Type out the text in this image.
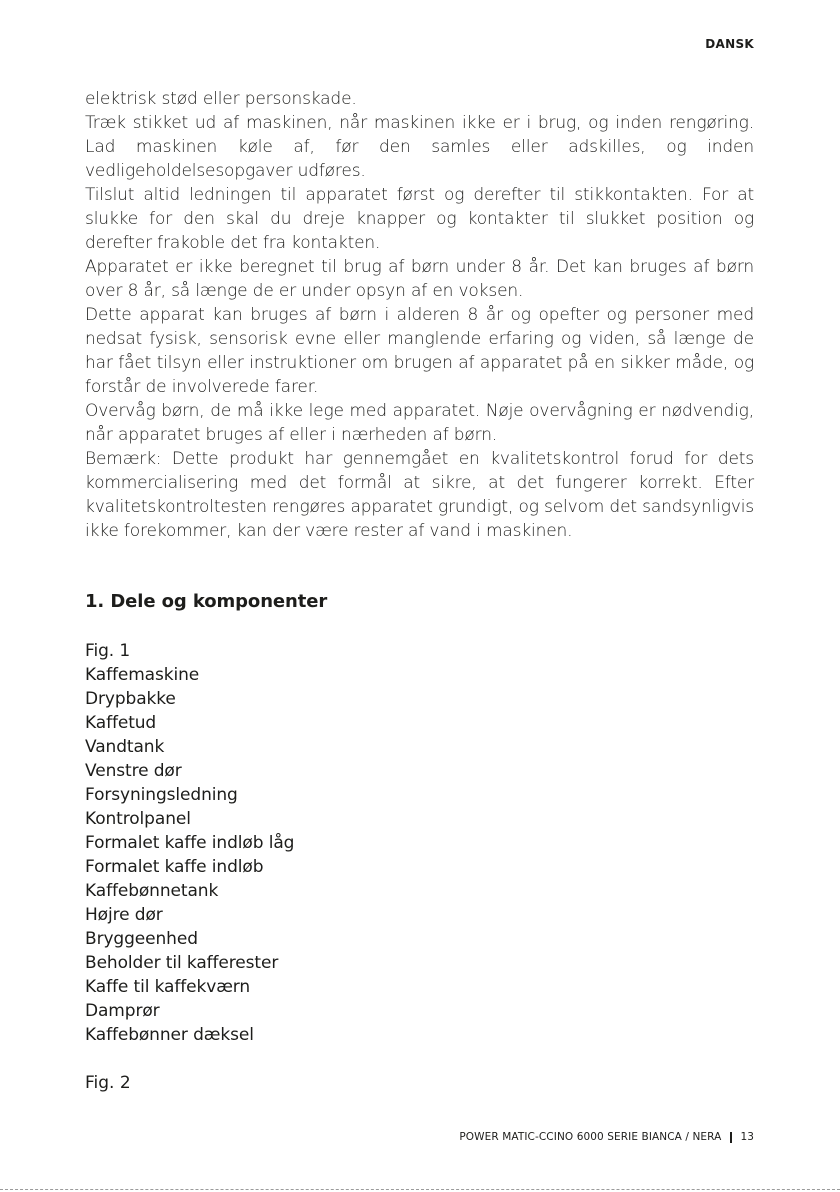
DANSK

elektrisk stød eller personskade.

Træk stikket ud af maskinen, når maskinen ikke er i brug, og inden rengøring. Lad maskinen køle af, før den samles eller adskilles, og inden vedligeholdelsesopgaver udføres.

Tilslut altid ledningen til apparatet først og derefter til stikkontakten. For at slukke for den skal du dreje knapper og kontakter til slukket position og derefter frakoble det fra kontakten.

Apparatet er ikke beregnet til brug af børn under 8 år. Det kan bruges af børn over 8 år, så længe de er under opsyn af en voksen.

Dette apparat kan bruges af børn i alderen 8 år og opefter og personer med nedsat fysisk, sensorisk evne eller manglende erfaring og viden, så længe de har fået tilsyn eller instruktioner om brugen af apparatet på en sikker måde, og forstår de involverede farer.

Overvåg børn, de må ikke lege med apparatet. Nøje overvågning er nødvendig, når apparatet bruges af eller i nærheden af børn.

Bemærk: Dette produkt har gennemgået en kvalitetskontrol forud for dets kommercialisering med det formål at sikre, at det fungerer korrekt. Efter kvalitetskontroltesten rengøres apparatet grundigt, og selvom det sandsynligvis ikke forekommer, kan der være rester af vand i maskinen.

1. Dele og komponenter
Fig. 1
Kaffemaskine
Drypbakke
Kaffetud
Vandtank
Venstre dør
Forsyningsledning
Kontrolpanel
Formalet kaffe indløb låg
Formalet kaffe indløb
Kaffebønnetank
Højre dør
Bryggeenhed
Beholder til kafferester
Kaffe til kaffekværn
Damprør
Kaffebønner dæksel
Fig. 2
POWER MATIC-CCINO 6000 SERIE BIANCA / NERA 13
